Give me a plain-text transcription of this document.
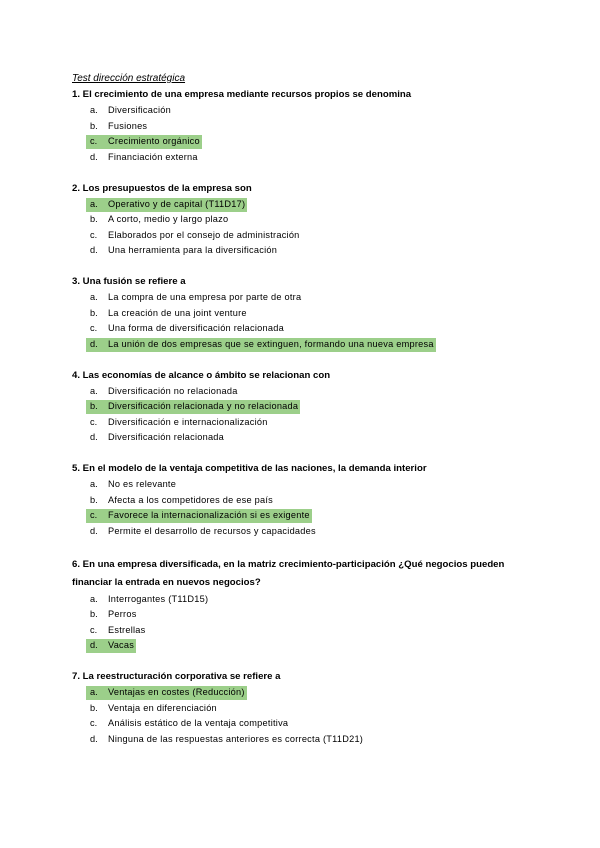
Test dirección estratégica
1. El crecimiento de una empresa mediante recursos propios se denomina
a. Diversificación
b. Fusiones
c. Crecimiento orgánico
d. Financiación externa
2. Los presupuestos de la empresa son
a. Operativo y de capital (T11D17)
b. A corto, medio y largo plazo
c. Elaborados por el consejo de administración
d. Una herramienta para la diversificación
3. Una fusión se refiere a
a. La compra de una empresa por parte de otra
b. La creación de una joint venture
c. Una forma de diversificación relacionada
d. La unión de dos empresas que se extinguen, formando una nueva empresa
4. Las economías de alcance o ámbito se relacionan con
a. Diversificación no relacionada
b. Diversificación relacionada y no relacionada
c. Diversificación e internacionalización
d. Diversificación relacionada
5. En el modelo de la ventaja competitiva de las naciones, la demanda interior
a. No es relevante
b. Afecta a los competidores de ese país
c. Favorece la internacionalización si es exigente
d. Permite el desarrollo de recursos y capacidades
6. En una empresa diversificada, en la matriz crecimiento-participación ¿Qué negocios pueden financiar la entrada en nuevos negocios?
a. Interrogantes (T11D15)
b. Perros
c. Estrellas
d. Vacas
7. La reestructuración corporativa se refiere a
a. Ventajas en costes (Reducción)
b. Ventaja en diferenciación
c. Análisis estático de la ventaja competitiva
d. Ninguna de las respuestas anteriores es correcta (T11D21)
